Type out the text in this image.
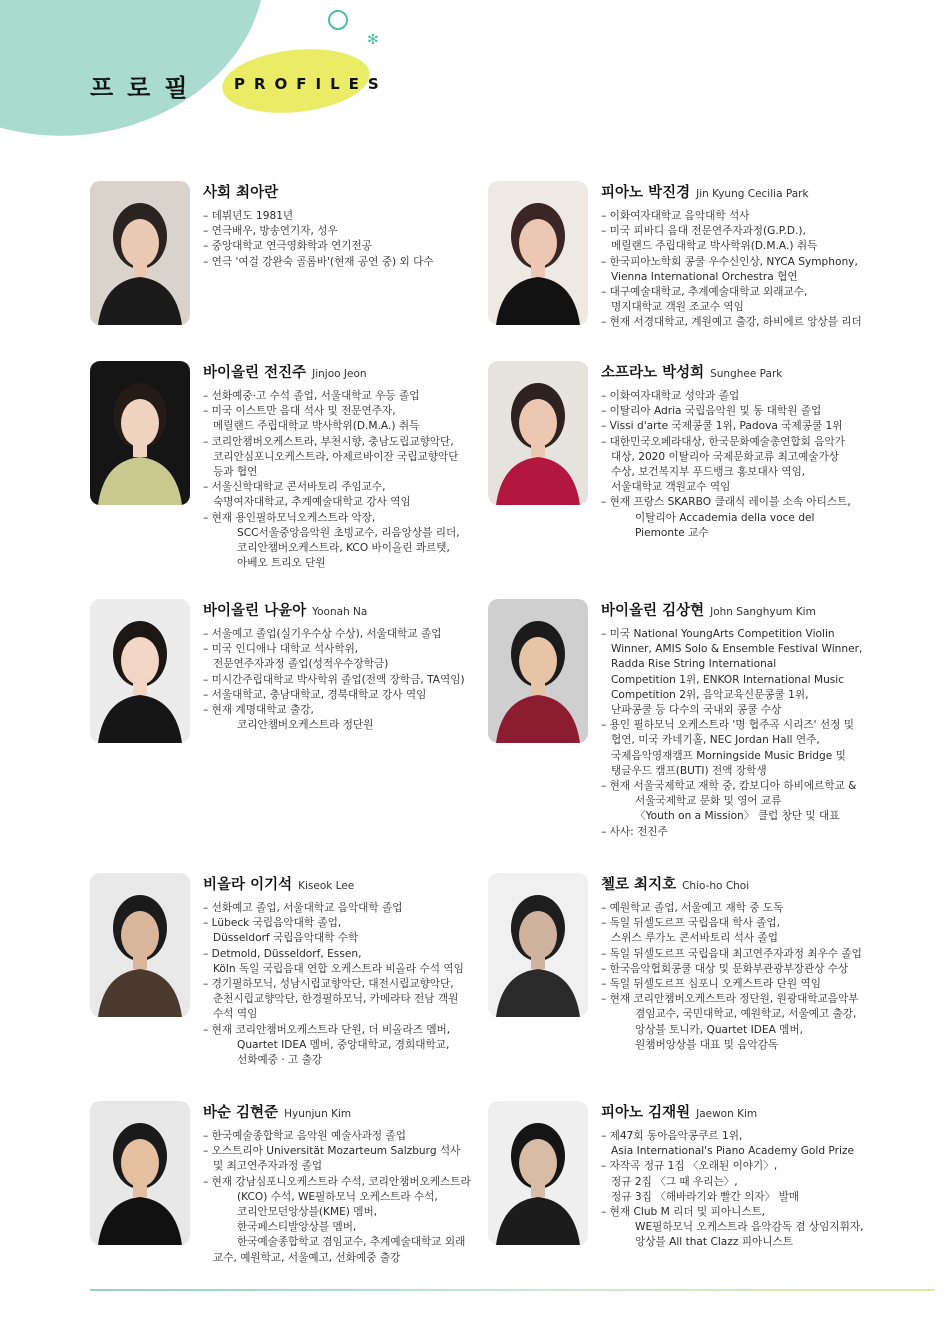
✻
프로필 PROFILES
사회 최아란
– 데뷔년도 1981년
– 연극배우, 방송연기자, 성우
– 중앙대학교 연극영화학과 연기전공
– 연극 '여걸 강완숙 골롬바'(현재 공연 중) 외 다수
피아노 박진경 Jin Kyung Cecilia Park
– 이화여자대학교 음악대학 석사
– 미국 피바디 음대 전문연주자과정(G.P.D.),
메릴랜드 주립대학교 박사학위(D.M.A.) 취득
– 한국피아노학회 콩쿨 우수신인상, NYCA Symphony,
Vienna International Orchestra 협연
– 대구예술대학교, 추계예술대학교 외래교수,
명지대학교 객원 조교수 역임
– 현재 서경대학교, 계원예고 출강, 하비에르 앙상블 리더
바이올린 전진주 Jinjoo Jeon
– 선화예중·고 수석 졸업, 서울대학교 우등 졸업
– 미국 이스트만 음대 석사 및 전문연주자,
메릴랜드 주립대학교 박사학위(D.M.A.) 취득
– 코리안챔버오케스트라, 부천시향, 충남도립교향악단,
코리안심포니오케스트라, 아제르바이잔 국립교향악단
등과 협연
– 서울신학대학교 콘서바토리 주임교수,
숙명여자대학교, 추계예술대학교 강사 역임
– 현재 용인필하모닉오케스트라 악장,
SCC서울중앙음악원 초빙교수, 리음앙상블 리더,
코리안챔버오케스트라, KCO 바이올린 콰르텟,
아베오 트리오 단원
소프라노 박성희 Sunghee Park
– 이화여자대학교 성악과 졸업
– 이탈리아 Adria 국립음악원 및 동 대학원 졸업
– Vissi d'arte 국제콩쿨 1위, Padova 국제콩쿨 1위
– 대한민국오페라대상, 한국문화예술총연합회 음악가
대상, 2020 이탈리아 국제문화교류 최고예술가상
수상, 보건복지부 푸드뱅크 홍보대사 역임,
서울대학교 객원교수 역임
– 현재 프랑스 SKARBO 클래식 레이블 소속 아티스트,
이탈리아 Accademia della voce del
Piemonte 교수
바이올린 나윤아 Yoonah Na
– 서울예고 졸업(실기우수상 수상), 서울대학교 졸업
– 미국 인디애나 대학교 석사학위,
전문연주자과정 졸업(성적우수장학금)
– 미시간주립대학교 박사학위 졸업(전액 장학금, TA역임)
– 서울대학교, 충남대학교, 경북대학교 강사 역임
– 현재 계명대학교 출강,
코리안챔버오케스트라 정단원
바이올린 김상현 John Sanghyum Kim
– 미국 National YoungArts Competition Violin
Winner, AMIS Solo & Ensemble Festival Winner,
Radda Rise String International
Competition 1위, ENKOR International Music
Competition 2위, 음악교육신문콩쿨 1위,
난파콩쿨 등 다수의 국내외 콩쿨 수상
– 용인 필하모닉 오케스트라 '명 협주곡 시리즈' 선정 및
협연, 미국 카네기홀, NEC Jordan Hall 연주,
국제음악영재캠프 Morningside Music Bridge 및
탱글우드 캠프(BUTI) 전액 장학생
– 현재 서울국제학교 재학 중, 캄보디아 하비에르학교 &
서울국제학교 문화 및 영어 교류
〈Youth on a Mission〉 클럽 창단 및 대표
– 사사: 전진주
비올라 이기석 Kiseok Lee
– 선화예고 졸업, 서울대학교 음악대학 졸업
– Lübeck 국립음악대학 졸업,
Düsseldorf 국립음악대학 수학
– Detmold, Düsseldorf, Essen,
Köln 독일 국립음대 연합 오케스트라 비올라 수석 역임
– 경기필하모닉, 성남시립교향악단, 대전시립교향악단,
춘천시립교향악단, 한경필하모닉, 카메라타 전남 객원
수석 역임
– 현재 코리안챔버오케스트라 단원, 더 비올라즈 멤버,
Quartet IDEA 멤버, 중앙대학교, 경희대학교,
선화예중 · 고 출강
첼로 최지호 Chio-ho Choi
– 예원학교 졸업, 서울예고 재학 중 도독
– 독일 뒤셀도르프 국립음대 학사 졸업,
스위스 루가노 콘서바토리 석사 졸업
– 독일 뒤셀도르프 국립음대 최고연주자과정 최우수 졸업
– 한국음악협회콩쿨 대상 및 문화부관광부장관상 수상
– 독일 뒤셀도르프 심포니 오케스트라 단원 역임
– 현재 코리안챔버오케스트라 정단원, 원광대학교음악부
겸임교수, 국민대학교, 예원학교, 서울예고 출강,
앙상블 토니카, Quartet IDEA 멤버,
원챔버앙상블 대표 및 음악감독
바순 김현준 Hyunjun Kim
– 한국예술종합학교 음악원 예술사과정 졸업
– 오스트리아 Universität Mozarteum Salzburg 석사
및 최고연주자과정 졸업
– 현재 강남심포니오케스트라 수석, 코리안챔버오케스트라
(KCO) 수석, WE필하모닉 오케스트라 수석,
코리안모던앙상블(KME) 멤버,
한국페스티발앙상블 멤버,
한국예술종합학교 겸임교수, 추계예술대학교 외래
교수, 예원학교, 서울예고, 선화예중 출강
피아노 김재원 Jaewon Kim
– 제47회 동아음악콩쿠르 1위,
Asia International's Piano Academy Gold Prize
– 자작곡 정규 1집 〈오래된 이야기〉,
정규 2집 〈그 때 우리는〉,
정규 3집 〈해바라기와 빨간 의자〉 발매
– 현재 Club M 리더 및 피아니스트,
WE필하모닉 오케스트라 음악감독 겸 상임지휘자,
앙상블 All that Clazz 피아니스트
